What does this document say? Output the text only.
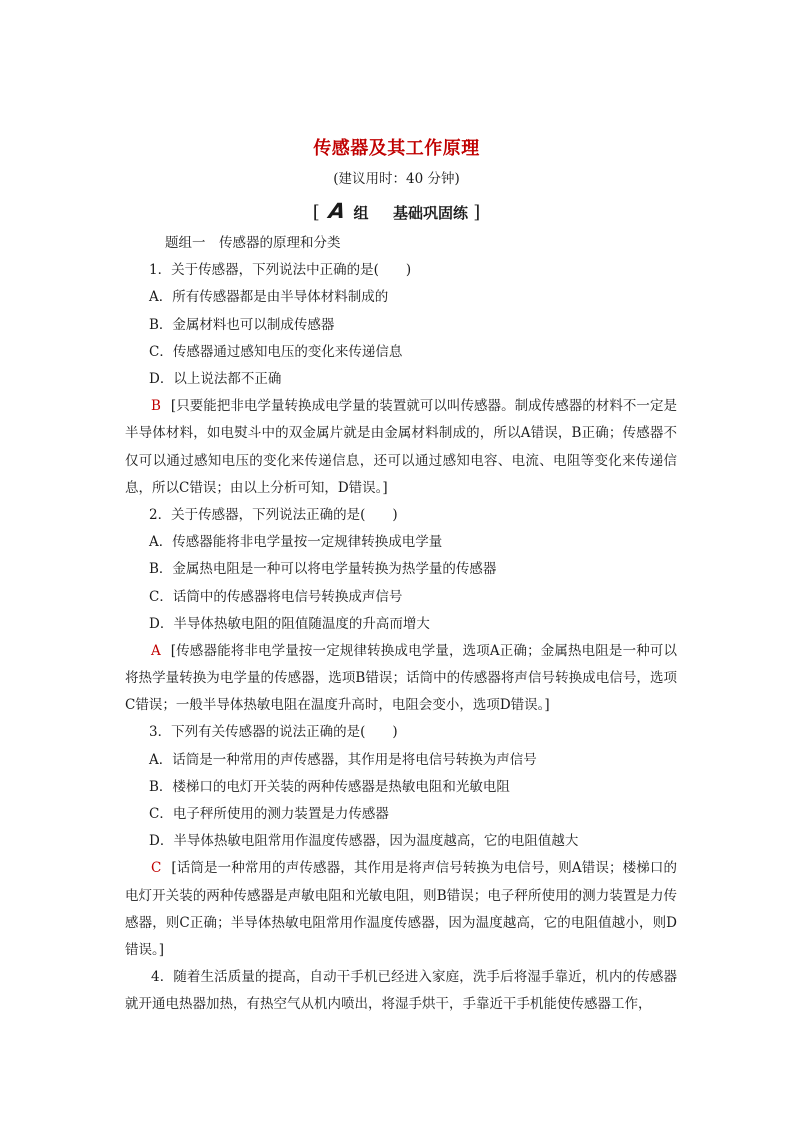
传感器及其工作原理
(建议用时：40 分钟)
[ A 组 基础巩固练 ]
题组一　传感器的原理和分类
1．关于传感器，下列说法中正确的是(　　)
A．所有传感器都是由半导体材料制成的
B．金属材料也可以制成传感器
C．传感器通过感知电压的变化来传递信息
D．以上说法都不正确
B [只要能把非电学量转换成电学量的装置就可以叫传感器。制成传感器的材料不一定是半导体材料，如电熨斗中的双金属片就是由金属材料制成的，所以A错误，B正确；传感器不仅可以通过感知电压的变化来传递信息，还可以通过感知电容、电流、电阻等变化来传递信息，所以C错误；由以上分析可知，D错误。]
2．关于传感器，下列说法正确的是(　　)
A．传感器能将非电学量按一定规律转换成电学量
B．金属热电阻是一种可以将电学量转换为热学量的传感器
C．话筒中的传感器将电信号转换成声信号
D．半导体热敏电阻的阻值随温度的升高而增大
A [传感器能将非电学量按一定规律转换成电学量，选项A正确；金属热电阻是一种可以将热学量转换为电学量的传感器，选项B错误；话筒中的传感器将声信号转换成电信号，选项C错误；一般半导体热敏电阻在温度升高时，电阻会变小，选项D错误。]
3．下列有关传感器的说法正确的是(　　)
A．话筒是一种常用的声传感器，其作用是将电信号转换为声信号
B．楼梯口的电灯开关装的两种传感器是热敏电阻和光敏电阻
C．电子秤所使用的测力装置是力传感器
D．半导体热敏电阻常用作温度传感器，因为温度越高，它的电阻值越大
C [话筒是一种常用的声传感器，其作用是将声信号转换为电信号，则A错误；楼梯口的电灯开关装的两种传感器是声敏电阻和光敏电阻，则B错误；电子秤所使用的测力装置是力传感器，则C正确；半导体热敏电阻常用作温度传感器，因为温度越高，它的电阻值越小，则D错误。]
4．随着生活质量的提高，自动干手机已经进入家庭，洗手后将湿手靠近，机内的传感器就开通电热器加热，有热空气从机内喷出，将湿手烘干，手靠近干手机能使传感器工作，
